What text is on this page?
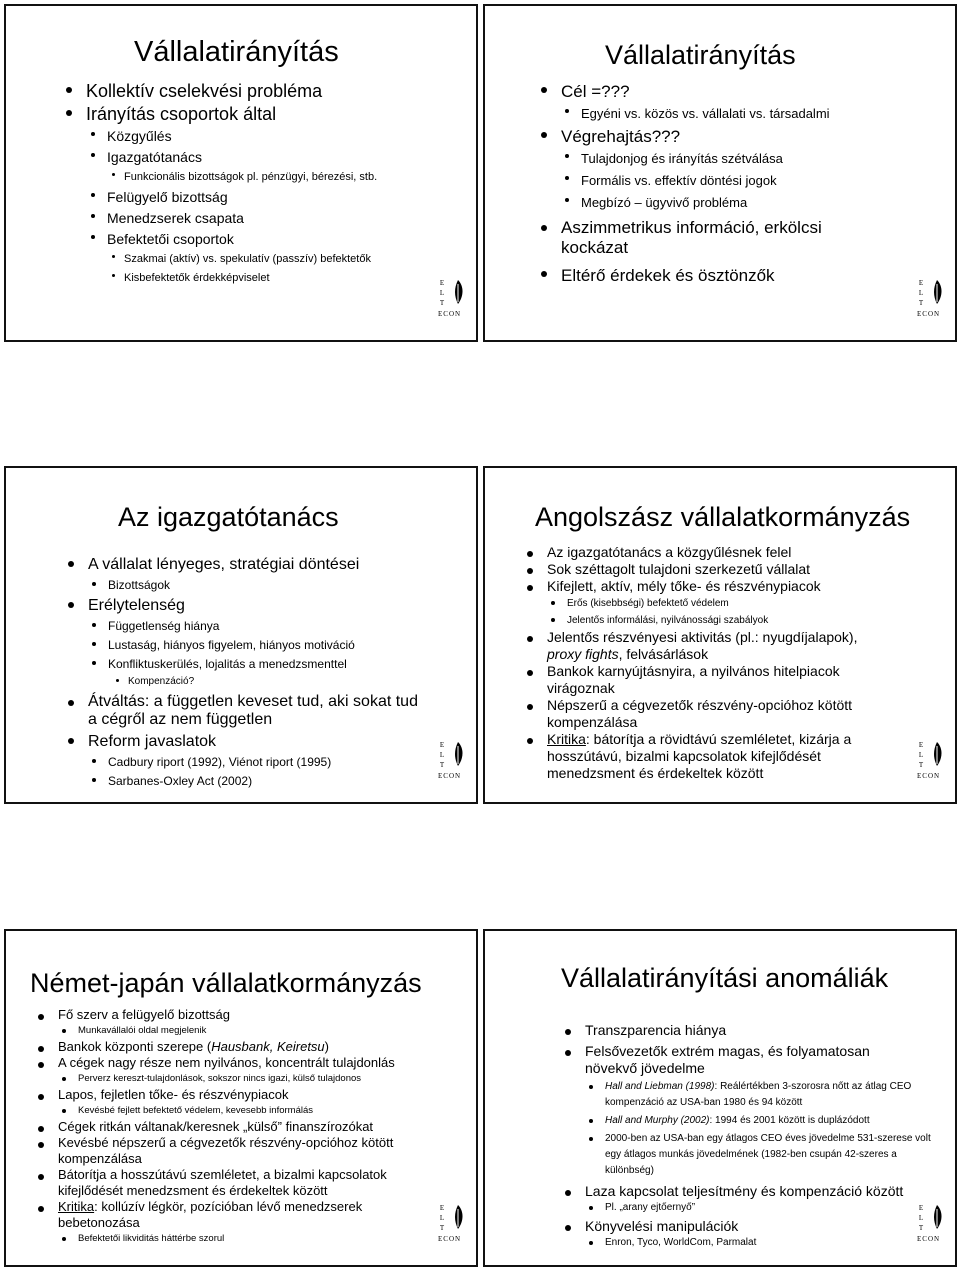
Vállalatirányítás
Kollektív cselekvési probléma
Irányítás csoportok által
Közgyűlés
Igazgatótanács
Funkcionális bizottságok pl. pénzügyi, bérezési, stb.
Felügyelő bizottság
Menedzserek csapata
Befektetői csoportok
Szakmai (aktív) vs. spekulatív (passzív) befektetők
Kisbefektetők érdekképviselet	E
L
T
ECON
Vállalatirányítás
Cél =???
Egyéni vs. közös vs. vállalati vs. társadalmi
Végrehajtás???
Tulajdonjog és irányítás szétválása
Formális vs. effektív döntési jogok
Megbízó – ügyvivő probléma
Aszimmetrikus információ, erkölcsi kockázat
Eltérő érdekek és ösztönzők	E
L
T
ECON
Az igazgatótanács
A vállalat lényeges, stratégiai döntései
Bizottságok
Erélytelenség
Függetlenség hiánya
Lustaság, hiányos figyelem, hiányos motiváció
Konfliktuskerülés, lojalitás a menedzsmenttel
Kompenzáció?
Átváltás: a független keveset tud, aki sokat tud a cégről az nem független
Reform javaslatok
Cadbury riport (1992), Viénot riport (1995)
Sarbanes-Oxley Act (2002)
E
L
T
ECON
Angolszász vállalatkormányzás
Az igazgatótanács a közgyűlésnek felel
Sok széttagolt tulajdoni szerkezetű vállalat
Kifejlett, aktív, mély tőke- és részvénypiacok
Erős (kisebbségi) befektető védelem
Jelentős informálási, nyilvánossági szabályok
Jelentős részvényesi aktivitás (pl.: nyugdíjalapok), proxy fights, felvásárlások
Bankok karnyújtásnyira, a nyilvános hitelpiacok virágoznak
Népszerű a cégvezetők részvény-opcióhoz kötött kompenzálása
Kritika: bátorítja a rövidtávú szemléletet, kizárja a hosszútávú, bizalmi kapcsolatok kifejlődését menedzsment és érdekeltek között
E
L
T
ECON
Német-japán vállalatkormányzás
Fő szerv a felügyelő bizottság
Munkavállalói oldal megjelenik
Bankok központi szerepe (Hausbank, Keiretsu)
A cégek nagy része nem nyilvános, koncentrált tulajdonlás
Perverz kereszt-tulajdonlások, sokszor nincs igazi, külső tulajdonos
Lapos, fejletlen tőke- és részvénypiacok
Kevésbé fejlett befektető védelem, kevesebb informálás
Cégek ritkán váltanak/keresnek „külső” finanszírozókat
Kevésbé népszerű a cégvezetők részvény-opcióhoz kötött kompenzálása
Bátorítja a hosszútávú szemléletet, a bizalmi kapcsolatok kifejlődését menedzsment és érdekeltek között
Kritika: kollúzív légkör, pozícióban lévő menedzserek bebetonozása
Befektetői likviditás háttérbe szorul
E
L
T
ECON
Vállalatirányítási anomáliák
Transzparencia hiánya
Felsővezetők extrém magas, és folyamatosan növekvő jövedelme
Hall and Liebman (1998): Reálértékben 3-szorosra nőtt az átlag CEO kompenzáció az USA-ban 1980 és 94 között
Hall and Murphy (2002): 1994 és 2001 között is duplázódott
2000-ben az USA-ban egy átlagos CEO éves jövedelme 531-szerese volt egy átlagos munkás jövedelmének (1982-ben csupán 42-szeres a különbség)
Laza kapcsolat teljesítmény és kompenzáció között
Pl. „arany ejtőernyő”
Könyvelési manipulációk
Enron, Tyco, WorldCom, Parmalat
E
L
T
ECON
